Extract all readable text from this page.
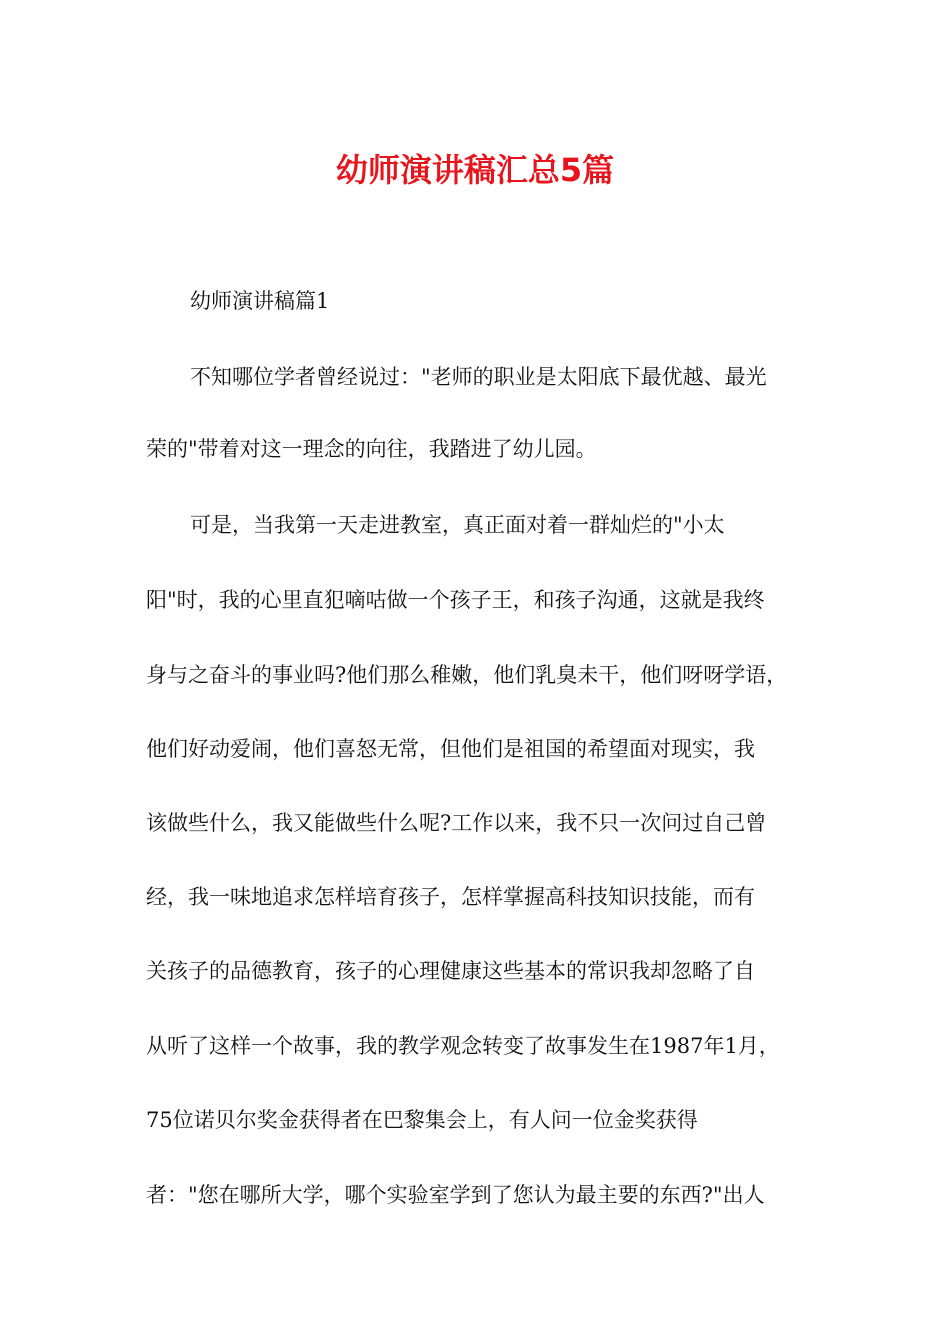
幼师演讲稿汇总5篇

幼师演讲稿篇1

不知哪位学者曾经说过："老师的职业是太阳底下最优越、最光

荣的"带着对这一理念的向往，我踏进了幼儿园。

可是，当我第一天走进教室，真正面对着一群灿烂的"小太

阳"时，我的心里直犯嘀咕做一个孩子王，和孩子沟通，这就是我终

身与之奋斗的事业吗?他们那么稚嫩，他们乳臭未干，他们呀呀学语，

他们好动爱闹，他们喜怒无常，但他们是祖国的希望面对现实，我

该做些什么，我又能做些什么呢?工作以来，我不只一次问过自己曾

经，我一味地追求怎样培育孩子，怎样掌握高科技知识技能，而有

关孩子的品德教育，孩子的心理健康这些基本的常识我却忽略了自

从听了这样一个故事，我的教学观念转变了故事发生在1987年1月，

75位诺贝尔奖金获得者在巴黎集会上，有人问一位金奖获得

者："您在哪所大学，哪个实验室学到了您认为最主要的东西?"出人
